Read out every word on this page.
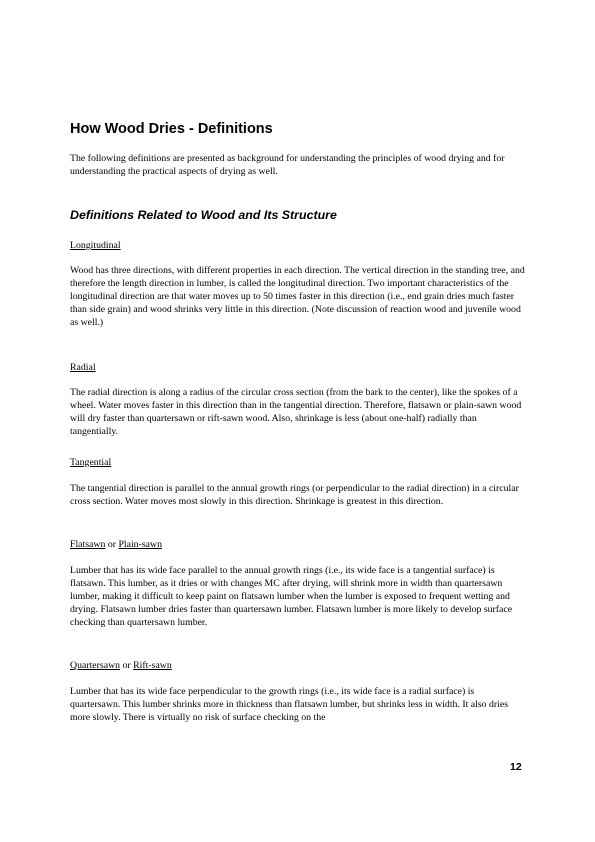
How Wood Dries - Definitions

The following definitions are presented as background for understanding the principles of wood drying and for understanding the practical aspects of drying as well.

Definitions Related to Wood and Its Structure
Longitudinal

Wood has three directions, with different properties in each direction. The vertical direction in the standing tree, and therefore the length direction in lumber, is called the longitudinal direction. Two important characteristics of the longitudinal direction are that water moves up to 50 times faster in this direction (i.e., end grain dries much faster than side grain) and wood shrinks very little in this direction. (Note discussion of reaction wood and juvenile wood as well.)

Radial

The radial direction is along a radius of the circular cross section (from the bark to the center), like the spokes of a wheel. Water moves faster in this direction than in the tangential direction. Therefore, flatsawn or plain-sawn wood will dry faster than quartersawn or rift-sawn wood. Also, shrinkage is less (about one-half) radially than tangentially.

Tangential

The tangential direction is parallel to the annual growth rings (or perpendicular to the radial direction) in a circular cross section. Water moves most slowly in this direction. Shrinkage is greatest in this direction.

Flatsawn or Plain-sawn

Lumber that has its wide face parallel to the annual growth rings (i.e., its wide face is a tangential surface) is flatsawn. This lumber, as it dries or with changes MC after drying, will shrink more in width than quartersawn lumber, making it difficult to keep paint on flatsawn lumber when the lumber is exposed to frequent wetting and drying. Flatsawn lumber dries faster than quartersawn lumber. Flatsawn lumber is more likely to develop surface checking than quartersawn lumber.

Quartersawn or Rift-sawn

Lumber that has its wide face perpendicular to the growth rings (i.e., its wide face is a radial surface) is quartersawn. This lumber shrinks more in thickness than flatsawn lumber, but shrinks less in width. It also dries more slowly. There is virtually no risk of surface checking on the

12
